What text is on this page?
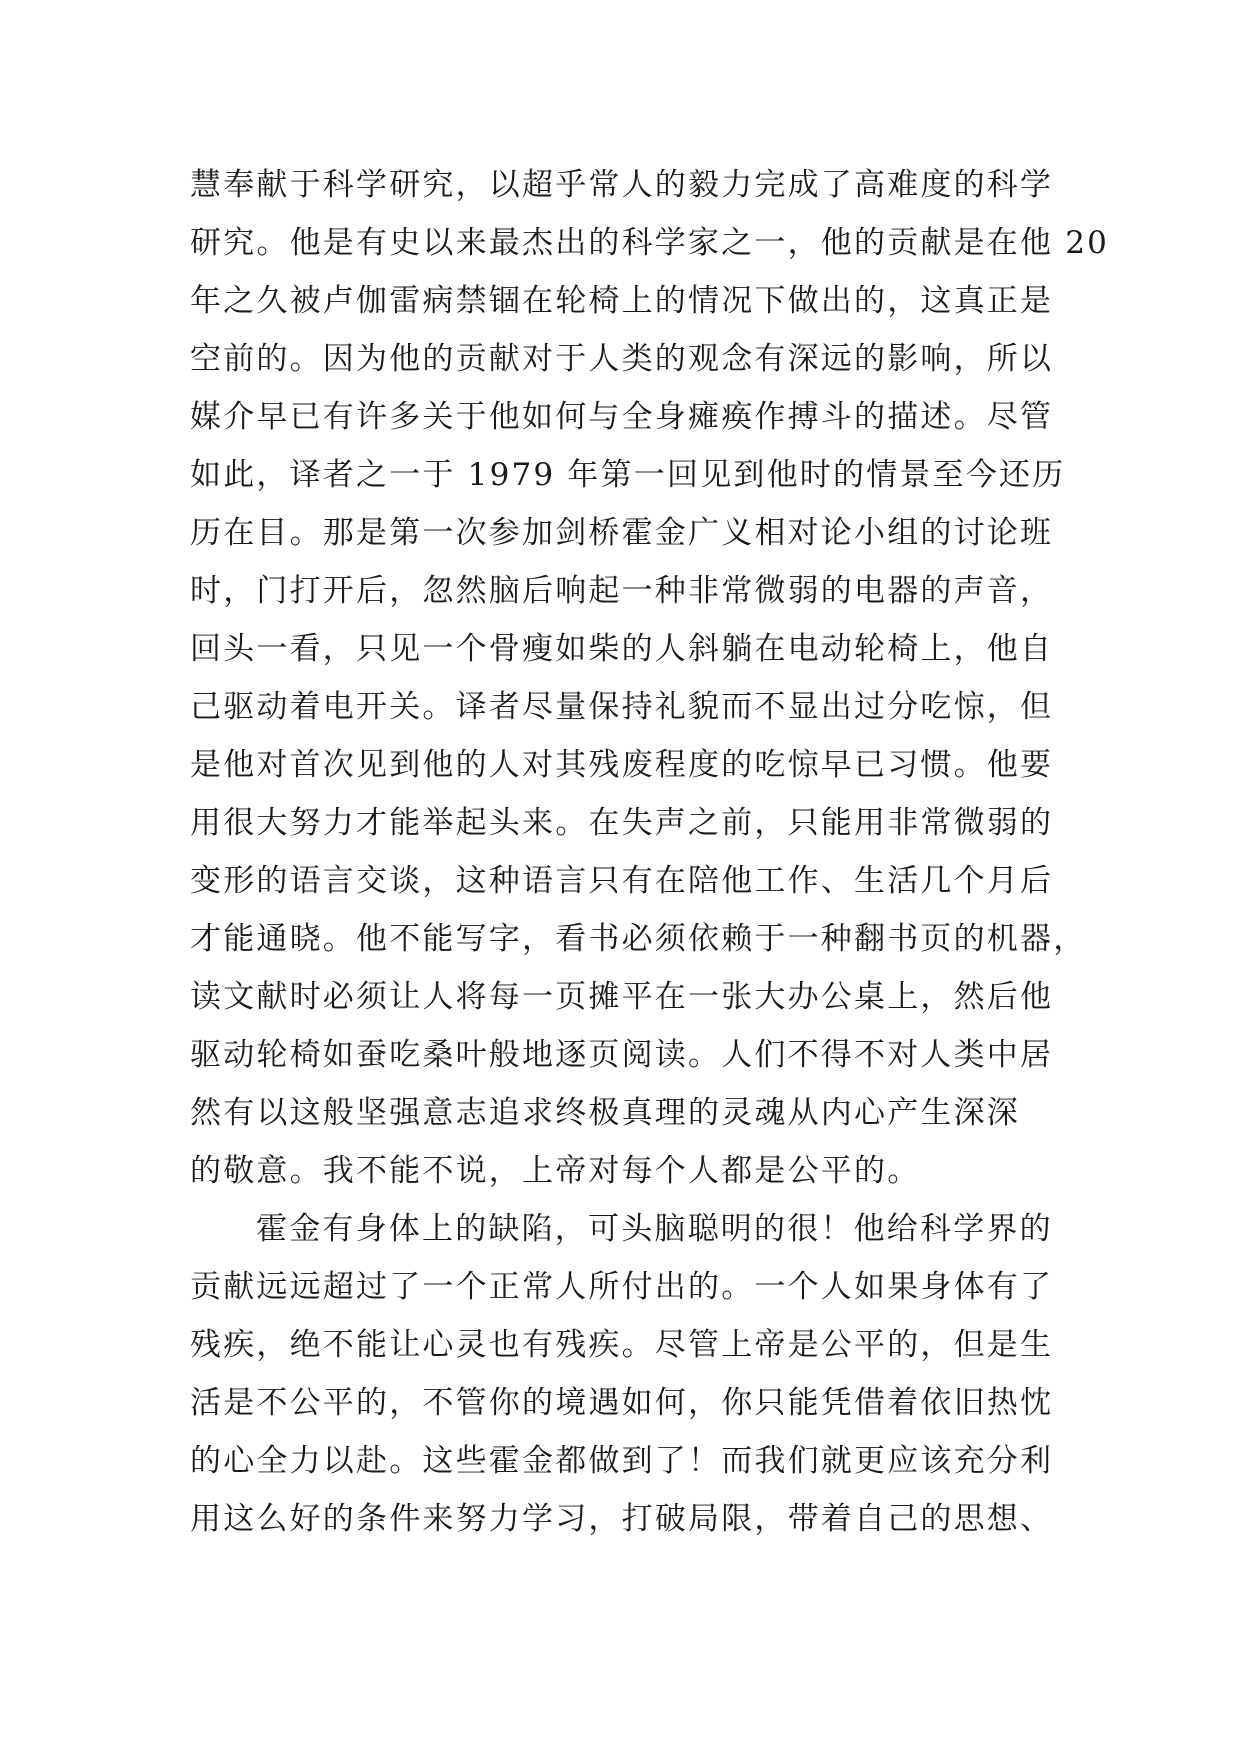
慧奉献于科学研究，以超乎常人的毅力完成了高难度的科学
研究。他是有史以来最杰出的科学家之一，他的贡献是在他 20
年之久被卢伽雷病禁锢在轮椅上的情况下做出的，这真正是
空前的。因为他的贡献对于人类的观念有深远的影响，所以
媒介早已有许多关于他如何与全身瘫痪作搏斗的描述。尽管
如此，译者之一于 1979 年第一回见到他时的情景至今还历
历在目。那是第一次参加剑桥霍金广义相对论小组的讨论班
时，门打开后，忽然脑后响起一种非常微弱的电器的声音，
回头一看，只见一个骨瘦如柴的人斜躺在电动轮椅上，他自
己驱动着电开关。译者尽量保持礼貌而不显出过分吃惊，但
是他对首次见到他的人对其残废程度的吃惊早已习惯。他要
用很大努力才能举起头来。在失声之前，只能用非常微弱的
变形的语言交谈，这种语言只有在陪他工作、生活几个月后
才能通晓。他不能写字，看书必须依赖于一种翻书页的机器，
读文献时必须让人将每一页摊平在一张大办公桌上，然后他
驱动轮椅如蚕吃桑叶般地逐页阅读。人们不得不对人类中居
然有以这般坚强意志追求终极真理的灵魂从内心产生深深
的敬意。我不能不说，上帝对每个人都是公平的。
霍金有身体上的缺陷，可头脑聪明的很！他给科学界的
贡献远远超过了一个正常人所付出的。一个人如果身体有了
残疾，绝不能让心灵也有残疾。尽管上帝是公平的，但是生
活是不公平的，不管你的境遇如何，你只能凭借着依旧热忱
的心全力以赴。这些霍金都做到了！而我们就更应该充分利
用这么好的条件来努力学习，打破局限，带着自己的思想、
